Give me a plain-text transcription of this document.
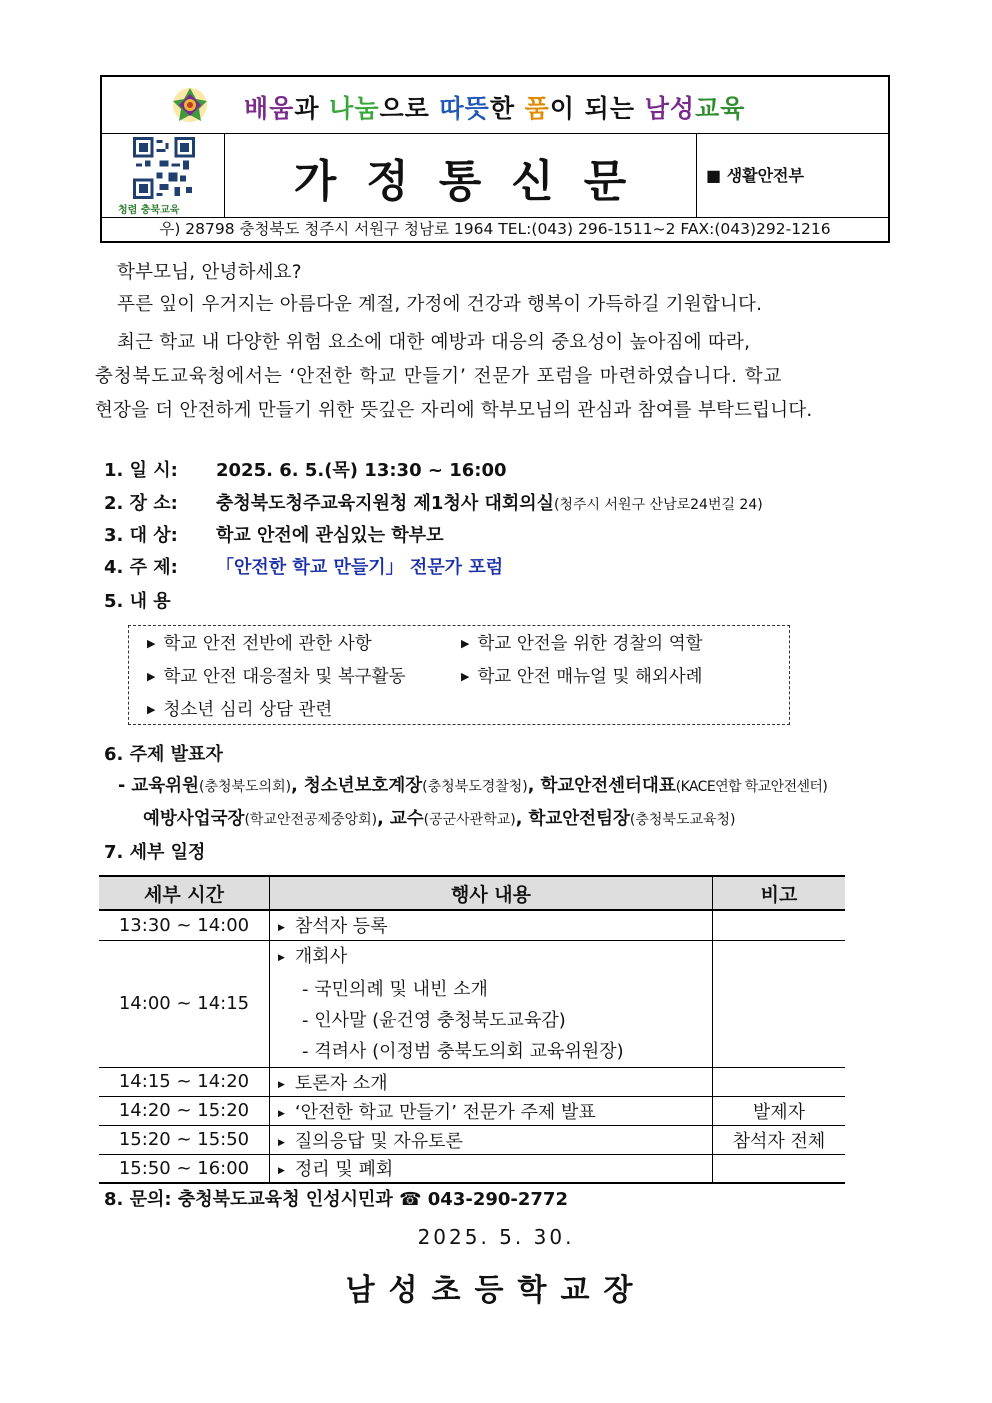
배움과 나눔으로 따뜻한 품이 되는 남성교육
청렴 충북교육
가정통신문	■ 생활안전부
우) 28798 충청북도 청주시 서원구 청남로 1964 TEL:(043) 296-1511~2 FAX:(043)292-1216
학부모님, 안녕하세요?
푸른 잎이 우거지는 아름다운 계절, 가정에 건강과 행복이 가득하길 기원합니다.
최근 학교 내 다양한 위험 요소에 대한 예방과 대응의 중요성이 높아짐에 따라,
충청북도교육청에서는 ‘안전한 학교 만들기’ 전문가 포럼을 마련하였습니다. 학교
현장을 더 안전하게 만들기 위한 뜻깊은 자리에 학부모님의 관심과 참여를 부탁드립니다.
1. 일 시: 2025. 6. 5.(목) 13:30 ~ 16:00
2. 장 소: 충청북도청주교육지원청 제1청사 대회의실(청주시 서원구 산남로24번길 24)
3. 대 상: 학교 안전에 관심있는 학부모
4. 주 제: 「안전한 학교 만들기」 전문가 포럼
5. 내 용
▶ 학교 안전 전반에 관한 사항	▶ 학교 안전을 위한 경찰의 역할
▶ 학교 안전 대응절차 및 복구활동	▶ 학교 안전 매뉴얼 및 해외사례
▶ 청소년 심리 상담 관련
6. 주제 발표자
- 교육위원(충청북도의회), 청소년보호계장(충청북도경찰청), 학교안전센터대표(KACE연합 학교안전센터)
예방사업국장(학교안전공제중앙회), 교수(공군사관학교), 학교안전팀장(충청북도교육청)
7. 세부 일정
세부 시간	행사 내용	비고
13:30 ~ 14:00	▶ 참석자 등록	
14:00 ~ 14:15	▶ 개회사
- 국민의례 및 내빈 소개
- 인사말 (윤건영 충청북도교육감)
- 격려사 (이정범 충북도의회 교육위원장)	

14:15 ~ 14:20	▶ 토론자 소개	
14:20 ~ 15:20	▶ ‘안전한 학교 만들기’ 전문가 주제 발표	발제자
15:20 ~ 15:50	▶ 질의응답 및 자유토론	참석자 전체
15:50 ~ 16:00	▶ 정리 및 폐회	
8. 문의: 충청북도교육청 인성시민과 ☎ 043-290-2772
2025. 5. 30.
남성초등학교장
